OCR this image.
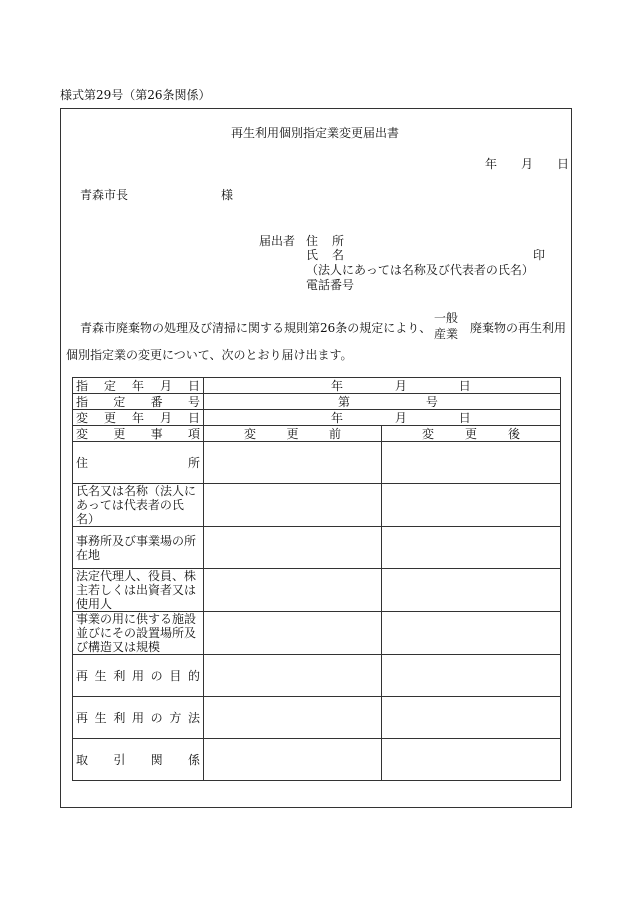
様式第29号（第26条関係）
再生利用個別指定業変更届出書
年 月 日
青森市長	様
届出者 住所
氏名	印
（法人にあっては名称及び代表者の氏名）
電話番号
青森市廃棄物の処理及び清掃に関する規則第26条の規定により、
一般
産業 廃棄物の再生利用
個別指定業の変更について、次のとおり届け出ます。
指定年月日	年 月 日	
指定番号	第 号	
変更年月日	年 月 日	
変更事項	変更前	変更後

住所		
氏名又は名称（法人にあっては代表者の氏名）		
事務所及び事業場の所在地		
法定代理人、役員、株主若しくは出資者又は使用人		
事業の用に供する施設並びにその設置場所及び構造又は規模		
再生利用の目的		
再生利用の方法		
取引関係		
